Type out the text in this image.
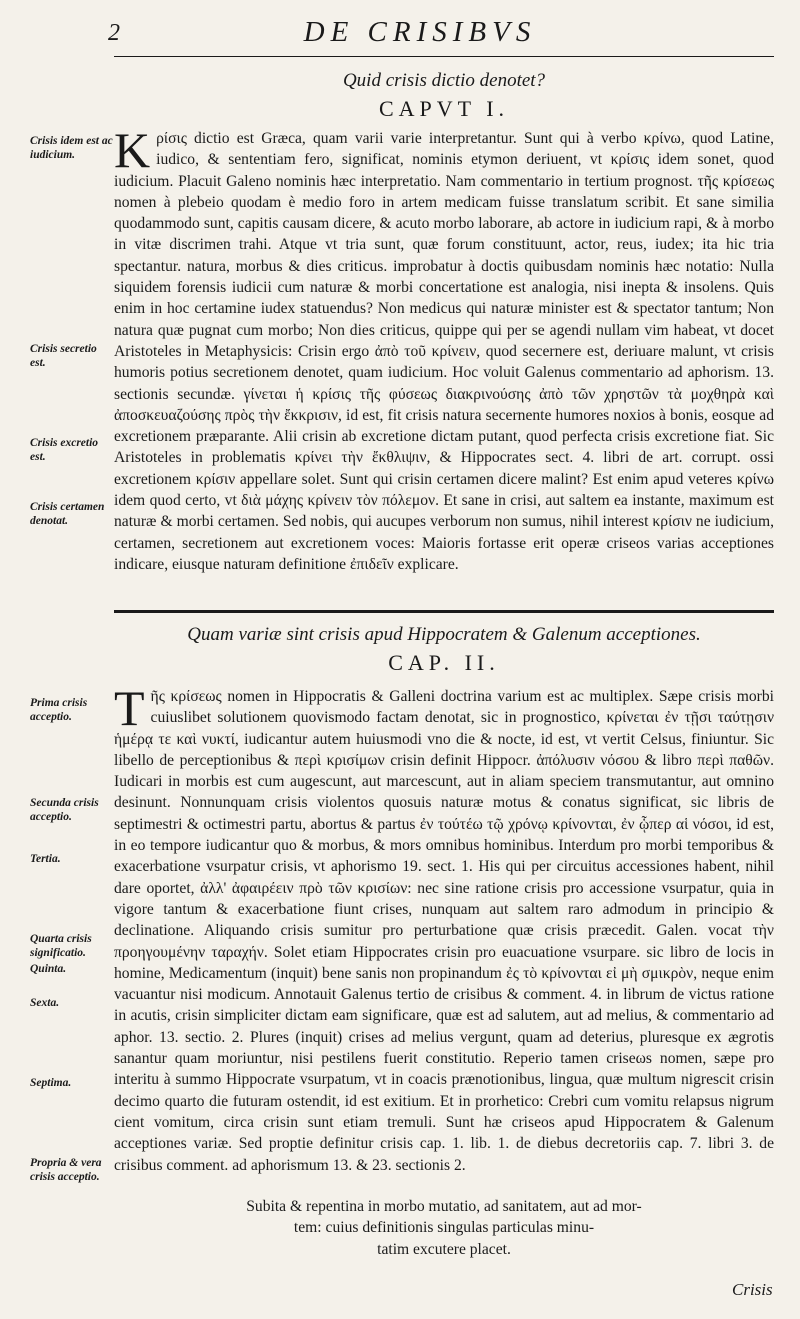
2	DE CRISIBVS
Quid crisis dictio denotet?
CAPVT I.

K ρίσις dictio est Græca, quam varii varie interpretantur. Sunt qui à verbo κρίνω, quod Latine, iudico, & sententiam fero, significat, nominis etymon deriuent, vt κρίσις idem sonet, quod iudicium. Placuit Galeno nominis hæc interpretatio. Nam commentario in tertium prognost. τῆς κρίσεως nomen à plebeio quodam è medio foro in artem medicam fuisse translatum scribit. Et sane similia quodammodo sunt, capitis causam dicere, & acuto morbo laborare, ab actore in iudicium rapi, & à morbo in vitæ discrimen trahi. Atque vt tria sunt, quæ forum constituunt, actor, reus, iudex; ita hic tria spectantur. natura, morbus & dies criticus. improbatur à doctis quibusdam nominis hæc notatio: Nulla siquidem forensis iudicii cum naturæ & morbi concertatione est analogia, nisi inepta & insolens. Quis enim in hoc certamine iudex statuendus? Non medicus qui naturæ minister est & spectator tantum; Non natura quæ pugnat cum morbo; Non dies criticus, quippe qui per se agendi nullam vim habeat, vt docet Aristoteles in Metaphysicis: Crisin ergo ἀπὸ τοῦ κρίνειν, quod secernere est, deriuare malunt, vt crisis humoris potius secretionem denotet, quam iudicium. Hoc voluit Galenus commentario ad aphorism. 13. sectionis secundæ. γίνεται ἡ κρίσις τῆς φύσεως διακρινούσης ἀπὸ τῶν χρηστῶν τὰ μοχθηρὰ καὶ ἀποσκευαζούσης πρὸς τὴν ἔκκρισιν, id est, fit crisis natura secernente humores noxios à bonis, eosque ad excretionem præparante. Alii crisin ab excretione dictam putant, quod perfecta crisis excretione fiat. Sic Aristoteles in problematis κρίνει τὴν ἔκθλιψιν, & Hippocrates sect. 4. libri de art. corrupt. ossi excretionem κρίσιν appellare solet. Sunt qui crisin certamen dicere malint? Est enim apud veteres κρίνω idem quod certo, vt διὰ μάχης κρίνειν τὸν πόλεμον. Et sane in crisi, aut saltem ea instante, maximum est naturæ & morbi certamen. Sed nobis, qui aucupes verborum non sumus, nihil interest κρίσιν ne iudicium, certamen, secretionem aut excretionem voces: Maioris fortasse erit operæ criseos varias acceptiones indicare, eiusque naturam definitione ἐπιδεῖν explicare.

Crisis idem est ac iudicium.
Crisis secretio est.
Crisis excretio est.
Crisis certamen denotat.
Quam variæ sint crisis apud Hippocratem & Galenum acceptiones.
CAP. II.

T ῆς κρίσεως nomen in Hippocratis & Galleni doctrina varium est ac multiplex. Sæpe crisis morbi cuiuslibet solutionem quovismodo factam denotat, sic in prognostico, κρίνεται ἐν τῇσι ταύτῃσιν ἡμέρᾳ τε καὶ νυκτί, iudicantur autem huiusmodi vno die & nocte, id est, vt vertit Celsus, finiuntur. Sic libello de perceptionibus & περὶ κρισίμων crisin definit Hippocr. ἀπόλυσιν νόσου & libro περὶ παθῶν. Iudicari in morbis est cum augescunt, aut marcescunt, aut in aliam speciem transmutantur, aut omnino desinunt. Nonnunquam crisis violentos quosuis naturæ motus & conatus significat, sic libris de septimestri & octimestri partu, abortus & partus ἐν τούτέω τῷ χρόνῳ κρίνονται, ἐν ᾧπερ αἱ νόσοι, id est, in eo tempore iudicantur quo & morbus, & mors omnibus hominibus. Interdum pro morbi temporibus & exacerbatione vsurpatur crisis, vt aphorismo 19. sect. 1. His qui per circuitus accessiones habent, nihil dare oportet, ἀλλ' ἀφαιρέειν πρὸ τῶν κρισίων: nec sine ratione crisis pro accessione vsurpatur, quia in vigore tantum & exacerbatione fiunt crises, nunquam aut saltem raro admodum in principio & declinatione. Aliquando crisis sumitur pro perturbatione quæ crisis præcedit. Galen. vocat τὴν προηγουμένην ταραχήν. Solet etiam Hippocrates crisin pro euacuatione vsurpare. sic libro de locis in homine, Medicamentum (inquit) bene sanis non propinandum ἐς τὸ κρίνονται εἰ μὴ σμικρὸν, neque enim vacuantur nisi modicum. Annotauit Galenus tertio de crisibus & comment. 4. in librum de victus ratione in acutis, crisin simpliciter dictam eam significare, quæ est ad salutem, aut ad melius, & commentario ad aphor. 13. sectio. 2. Plures (inquit) crises ad melius vergunt, quam ad deterius, pluresque ex ægrotis sanantur quam moriuntur, nisi pestilens fuerit constitutio. Reperio tamen criseωs nomen, sæpe pro interitu à summo Hippocrate vsurpatum, vt in coacis prænotionibus, lingua, quæ multum nigrescit crisin decimo quarto die futuram ostendit, id est exitium. Et in prorhetico: Crebri cum vomitu relapsus nigrum cient vomitum, circa crisin sunt etiam tremuli. Sunt hæ criseos apud Hippocratem & Galenum acceptiones variæ. Sed proptie definitur crisis cap. 1. lib. 1. de diebus decretoriis cap. 7. libri 3. de crisibus comment. ad aphorismum 13. & 23. sectionis 2.

Prima crisis acceptio.
Secunda crisis acceptio.
Tertia.
Quarta crisis significatio.
Quinta.
Sexta.
Septima.
Propria & vera crisis acceptio.
Subita & repentina in morbo mutatio, ad sanitatem, aut ad mor-
tem: cuius definitionis singulas particulas minu-
tatim excutere placet.
Crisis
